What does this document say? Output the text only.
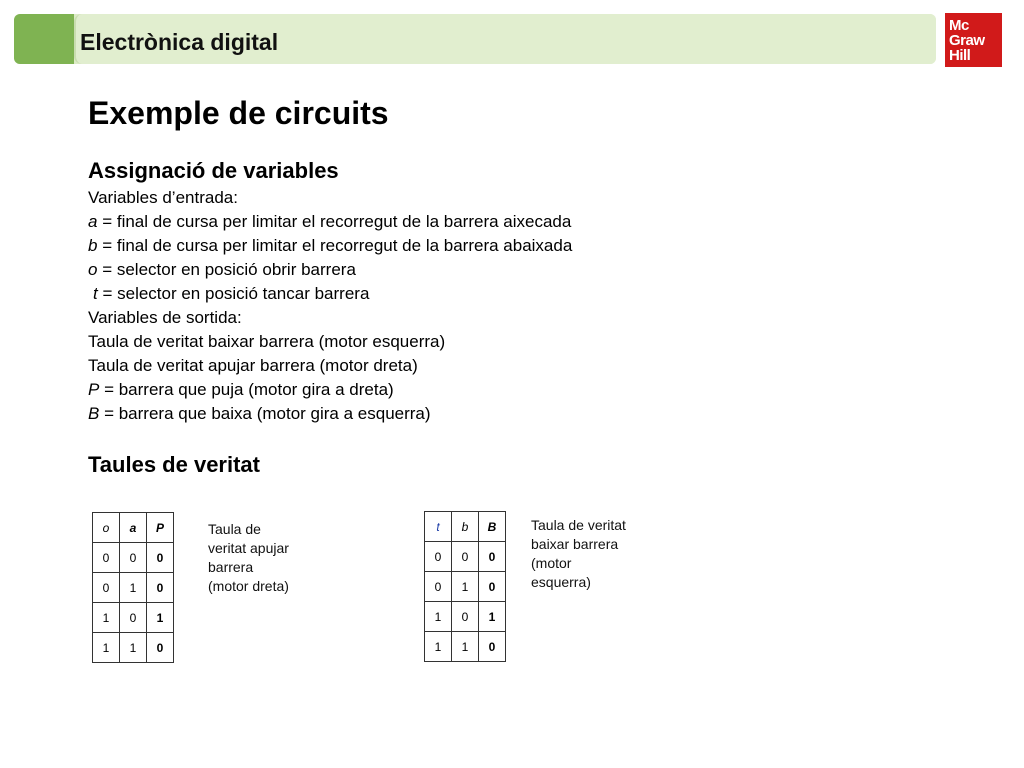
Electrònica digital
Mc
Graw
Hill
Exemple de circuits
Assignació de variables
Variables d’entrada:
a = final de cursa per limitar el recorregut de la barrera aixecada
b = final de cursa per limitar el recorregut de la barrera abaixada
o = selector en posició obrir barrera
t = selector en posició tancar barrera
Variables de sortida:
Taula de veritat baixar barrera (motor esquerra)
Taula de veritat apujar barrera (motor dreta)
P = barrera que puja (motor gira a dreta)
B = barrera que baixa (motor gira a esquerra)
Taules de veritat
o	a	P
0	0	0
0	1	0
1	0	1
1	1	0
Taula de
veritat apujar
barrera
(motor dreta)
t	b	B
0	0	0
0	1	0
1	0	1
1	1	0
Taula de veritat
baixar barrera
(motor
esquerra)
